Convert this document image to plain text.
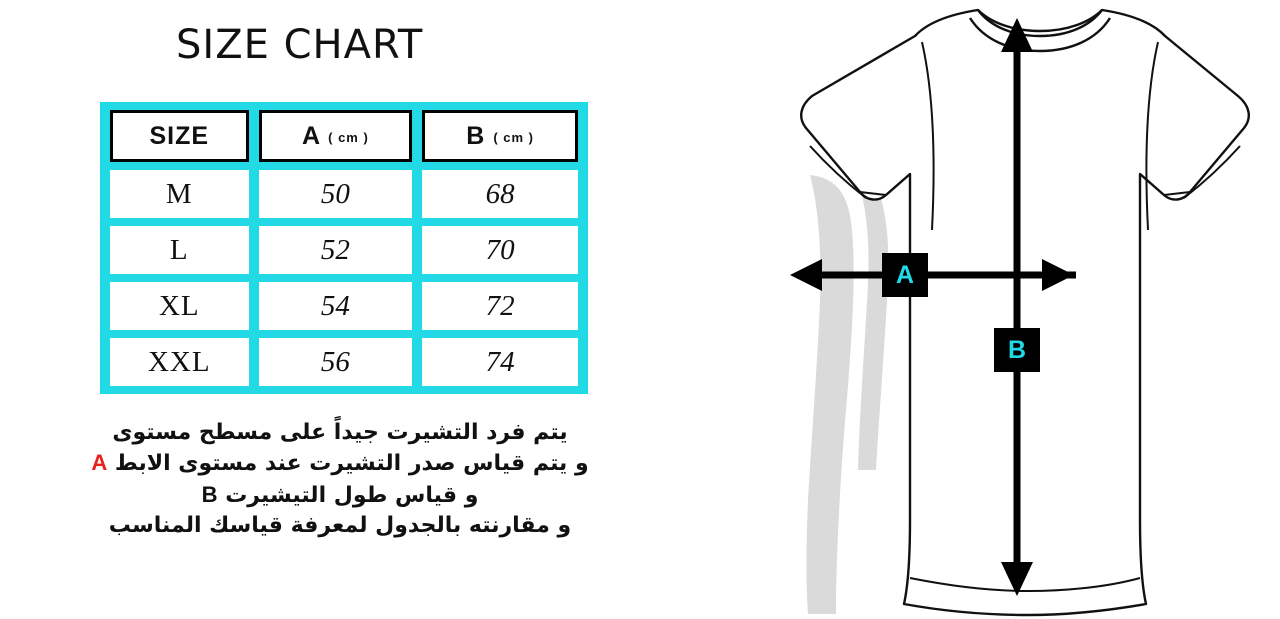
SIZE CHART
SIZE	A ( cm )	B ( cm )
M	50	68
L	52	70
XL	54	72
XXL	56	74
يتم فرد التشيرت جيداً على مسطح مستوى
و يتم قياس صدر التشيرت عند مستوى الابط A
و قياس طول التيشيرت B
و مقارنته بالجدول لمعرفة قياسك المناسب
A
B
